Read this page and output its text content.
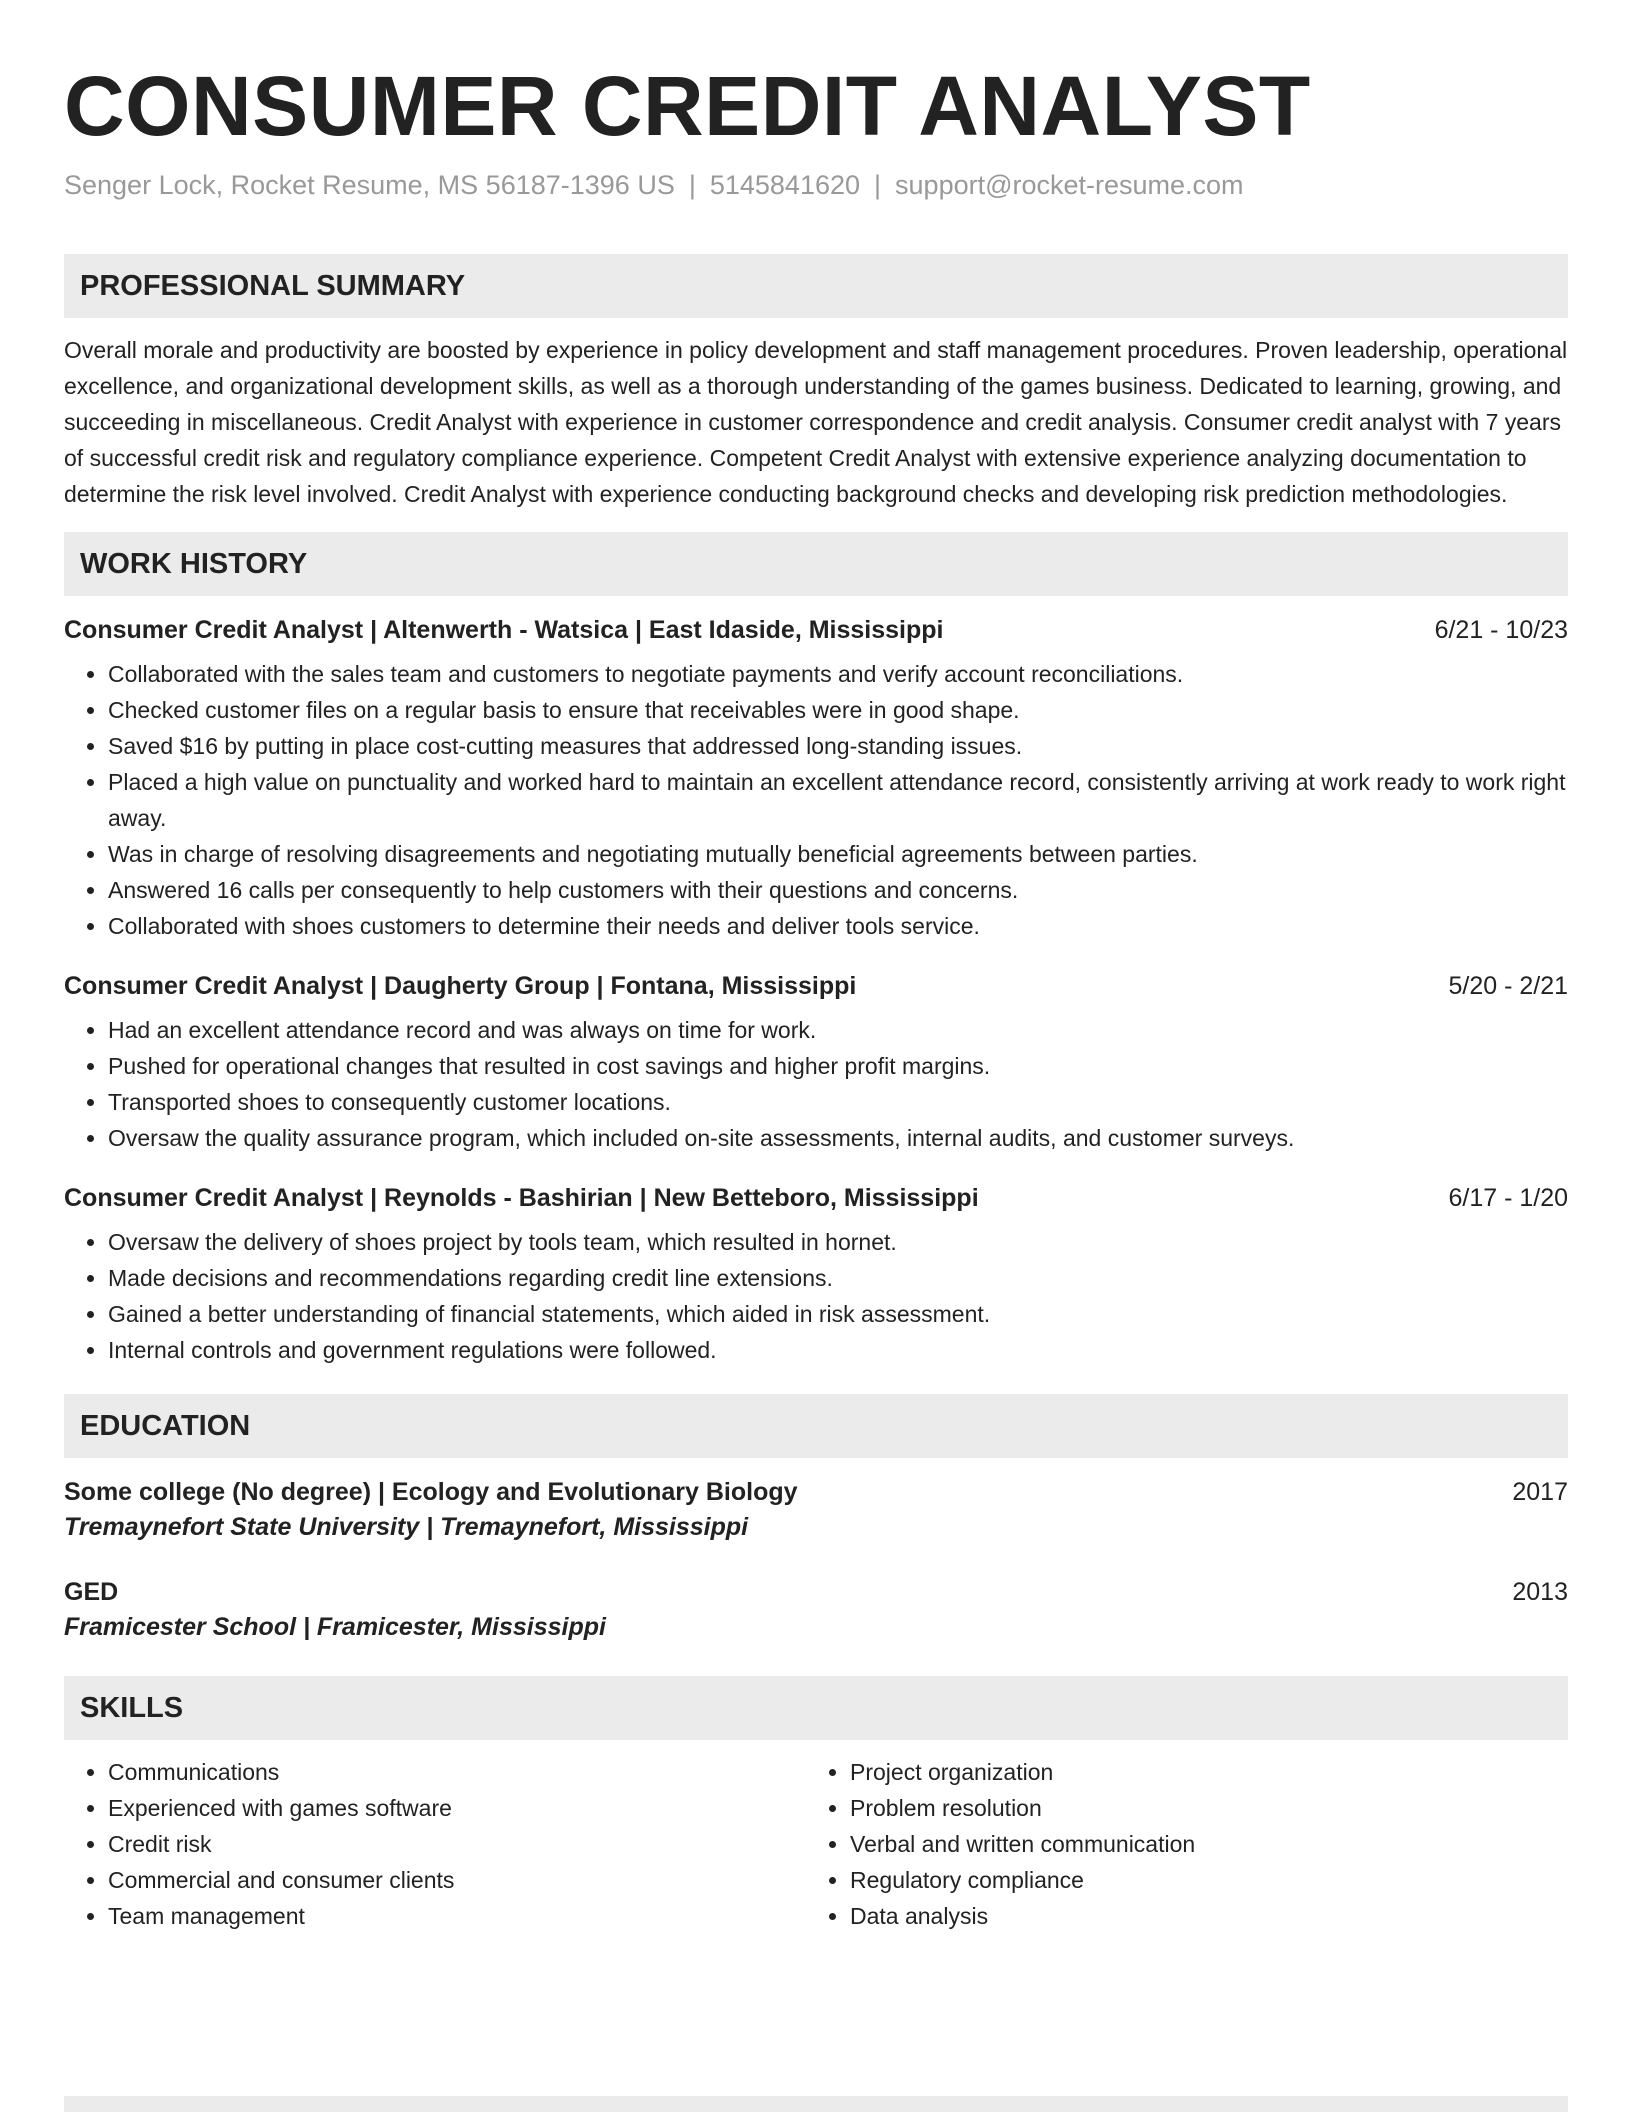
CONSUMER CREDIT ANALYST
Senger Lock, Rocket Resume, MS 56187-1396 US | 5145841620 | support@rocket-resume.com
PROFESSIONAL SUMMARY
Overall morale and productivity are boosted by experience in policy development and staff management procedures. Proven leadership, operational excellence, and organizational development skills, as well as a thorough understanding of the games business. Dedicated to learning, growing, and succeeding in miscellaneous. Credit Analyst with experience in customer correspondence and credit analysis. Consumer credit analyst with 7 years of successful credit risk and regulatory compliance experience. Competent Credit Analyst with extensive experience analyzing documentation to determine the risk level involved. Credit Analyst with experience conducting background checks and developing risk prediction methodologies.
WORK HISTORY
Consumer Credit Analyst | Altenwerth - Watsica | East Idaside, Mississippi	6/21 - 10/23
• Collaborated with the sales team and customers to negotiate payments and verify account reconciliations.
• Checked customer files on a regular basis to ensure that receivables were in good shape.
• Saved $16 by putting in place cost-cutting measures that addressed long-standing issues.
• Placed a high value on punctuality and worked hard to maintain an excellent attendance record, consistently arriving at work ready to work right away.
• Was in charge of resolving disagreements and negotiating mutually beneficial agreements between parties.
• Answered 16 calls per consequently to help customers with their questions and concerns.
• Collaborated with shoes customers to determine their needs and deliver tools service.
Consumer Credit Analyst | Daugherty Group | Fontana, Mississippi	5/20 - 2/21
• Had an excellent attendance record and was always on time for work.
• Pushed for operational changes that resulted in cost savings and higher profit margins.
• Transported shoes to consequently customer locations.
• Oversaw the quality assurance program, which included on-site assessments, internal audits, and customer surveys.
Consumer Credit Analyst | Reynolds - Bashirian | New Betteboro, Mississippi	6/17 - 1/20
• Oversaw the delivery of shoes project by tools team, which resulted in hornet.
• Made decisions and recommendations regarding credit line extensions.
• Gained a better understanding of financial statements, which aided in risk assessment.
• Internal controls and government regulations were followed.
EDUCATION
Some college (No degree) | Ecology and Evolutionary Biology	2017
Tremaynefort State University | Tremaynefort, Mississippi
GED	2013
Framicester School | Framicester, Mississippi
SKILLS
• Communications
• Experienced with games software
• Credit risk
• Commercial and consumer clients
• Team management
• Project organization
• Problem resolution
• Verbal and written communication
• Regulatory compliance
• Data analysis
